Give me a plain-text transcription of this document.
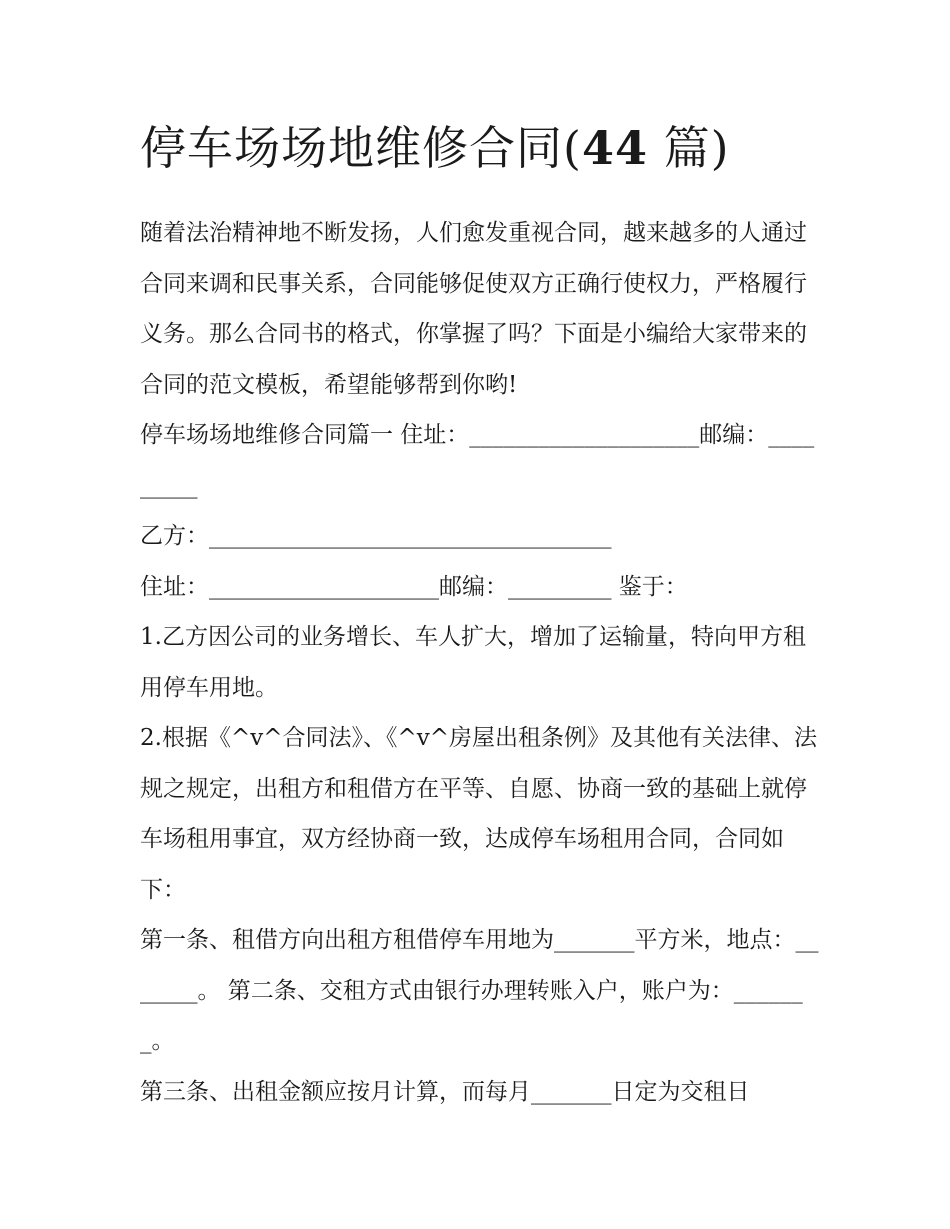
停车场场地维修合同(44 篇)

随着法治精神地不断发扬，人们愈发重视合同，越来越多的人通过合同来调和民事关系，合同能够促使双方正确行使权力，严格履行义务。那么合同书的格式，你掌握了吗？下面是小编给大家带来的合同的范文模板，希望能够帮到你哟!

停车场场地维修合同篇一 住址：____________________邮编：_________

乙方：___________________________________

住址：____________________邮编：_________ 鉴于：

1.乙方因公司的业务增长、车人扩大，增加了运输量，特向甲方租用停车用地。

2.根据《^v^合同法》、《^v^房屋出租条例》及其他有关法律、法规之规定，出租方和租借方在平等、自愿、协商一致的基础上就停车场租用事宜，双方经协商一致，达成停车场租用合同，合同如下：

第一条、租借方向出租方租借停车用地为_______平方米，地点：_______。 第二条、交租方式由银行办理转账入户，账户为：_______。

第三条、出租金额应按月计算，而每月_______日定为交租日
